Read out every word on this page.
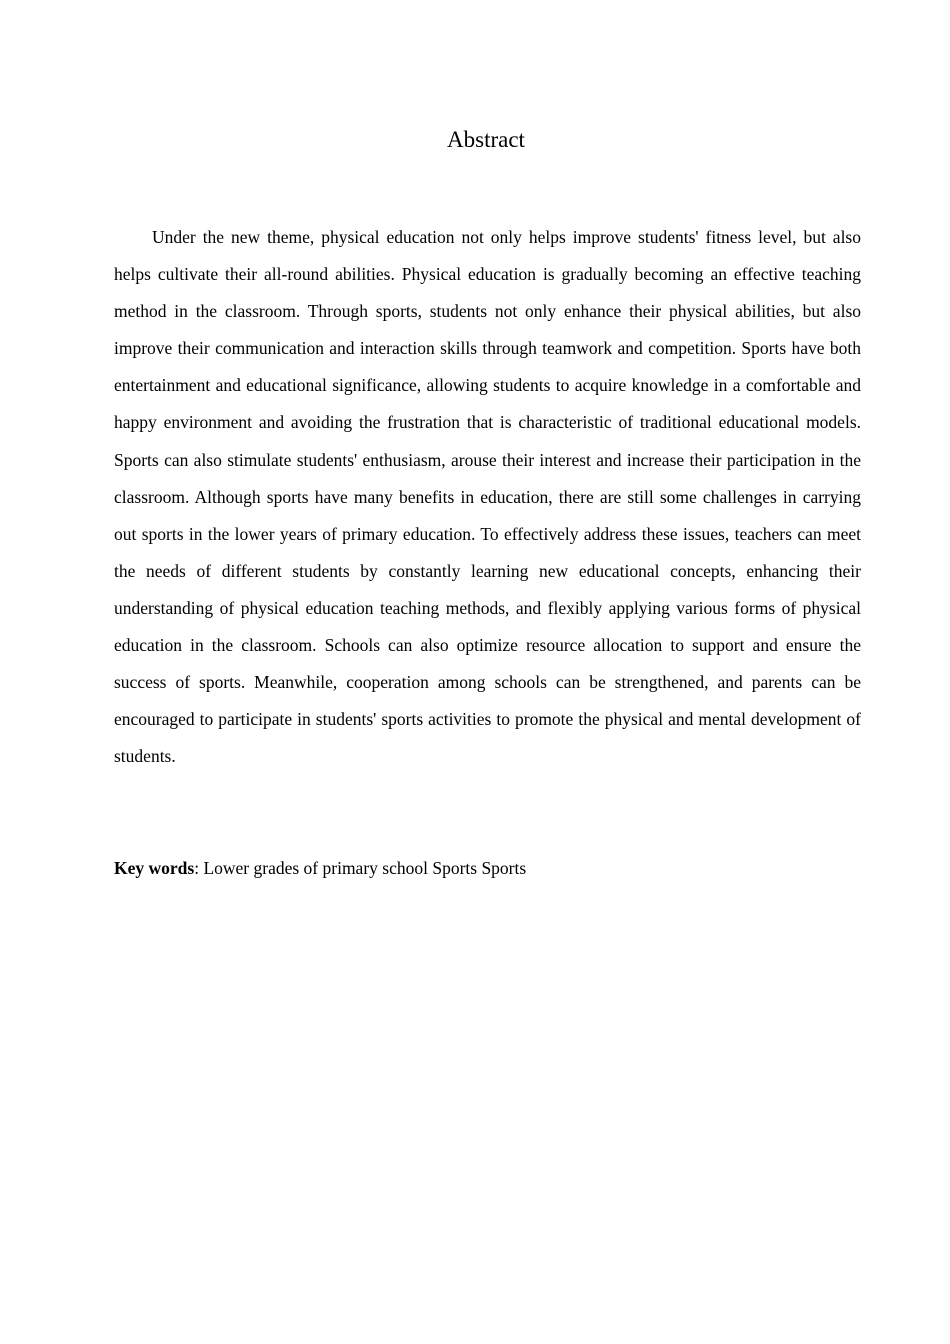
Abstract

Under the new theme, physical education not only helps improve students' fitness level, but also helps cultivate their all-round abilities. Physical education is gradually becoming an effective teaching method in the classroom. Through sports, students not only enhance their physical abilities, but also improve their communication and interaction skills through teamwork and competition. Sports have both entertainment and educational significance, allowing students to acquire knowledge in a comfortable and happy environment and avoiding the frustration that is characteristic of traditional educational models. Sports can also stimulate students' enthusiasm, arouse their interest and increase their participation in the classroom. Although sports have many benefits in education, there are still some challenges in carrying out sports in the lower years of primary education. To effectively address these issues, teachers can meet the needs of different students by constantly learning new educational concepts, enhancing their understanding of physical education teaching methods, and flexibly applying various forms of physical education in the classroom. Schools can also optimize resource allocation to support and ensure the success of sports. Meanwhile, cooperation among schools can be strengthened, and parents can be encouraged to participate in students' sports activities to promote the physical and mental development of students.

Key words: Lower grades of primary school Sports Sports
